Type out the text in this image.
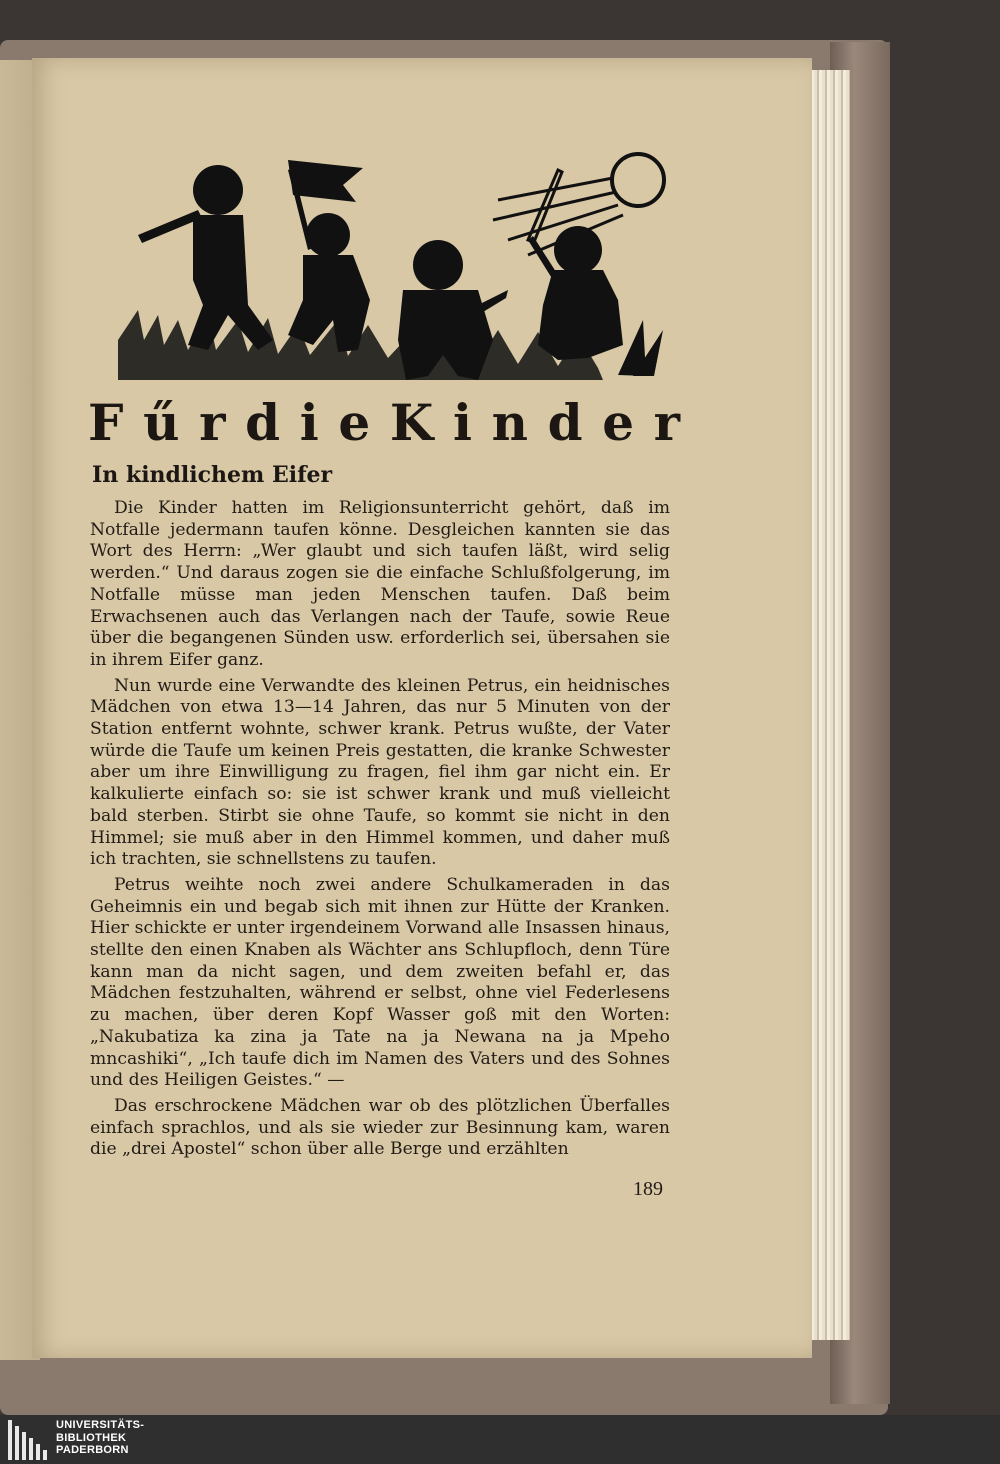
F ű r d i e K i n d e r
In kindlichem Eifer

Die Kinder hatten im Religionsunterricht gehört, daß im Notfalle jedermann taufen könne. Desgleichen kannten sie das Wort des Herrn: „Wer glaubt und sich taufen läßt, wird selig werden.“ Und daraus zogen sie die einfache Schlußfolgerung, im Notfalle müsse man jeden Menschen taufen. Daß beim Erwachsenen auch das Verlangen nach der Taufe, sowie Reue über die begangenen Sünden usw. erforderlich sei, übersahen sie in ihrem Eifer ganz.

Nun wurde eine Verwandte des kleinen Petrus, ein heidnisches Mädchen von etwa 13—14 Jahren, das nur 5 Minuten von der Station entfernt wohnte, schwer krank. Petrus wußte, der Vater würde die Taufe um keinen Preis gestatten, die kranke Schwester aber um ihre Einwilligung zu fragen, fiel ihm gar nicht ein. Er kalkulierte einfach so: sie ist schwer krank und muß vielleicht bald sterben. Stirbt sie ohne Taufe, so kommt sie nicht in den Himmel; sie muß aber in den Himmel kommen, und daher muß ich trachten, sie schnellstens zu taufen.

Petrus weihte noch zwei andere Schulkameraden in das Geheimnis ein und begab sich mit ihnen zur Hütte der Kranken. Hier schickte er unter irgendeinem Vorwand alle Insassen hinaus, stellte den einen Knaben als Wächter ans Schlupfloch, denn Türe kann man da nicht sagen, und dem zweiten befahl er, das Mädchen festzuhalten, während er selbst, ohne viel Federlesens zu machen, über deren Kopf Wasser goß mit den Worten: „Nakubatiza ka zina ja Tate na ja Newana na ja Mpeho mncashiki“, „Ich taufe dich im Namen des Vaters und des Sohnes und des Heiligen Geistes.“ —

Das erschrockene Mädchen war ob des plötzlichen Überfalles einfach sprachlos, und als sie wieder zur Besinnung kam, waren die „drei Apostel“ schon über alle Berge und erzählten

189
UNIVERSITÄTS-
BIBLIOTHEK
PADERBORN
